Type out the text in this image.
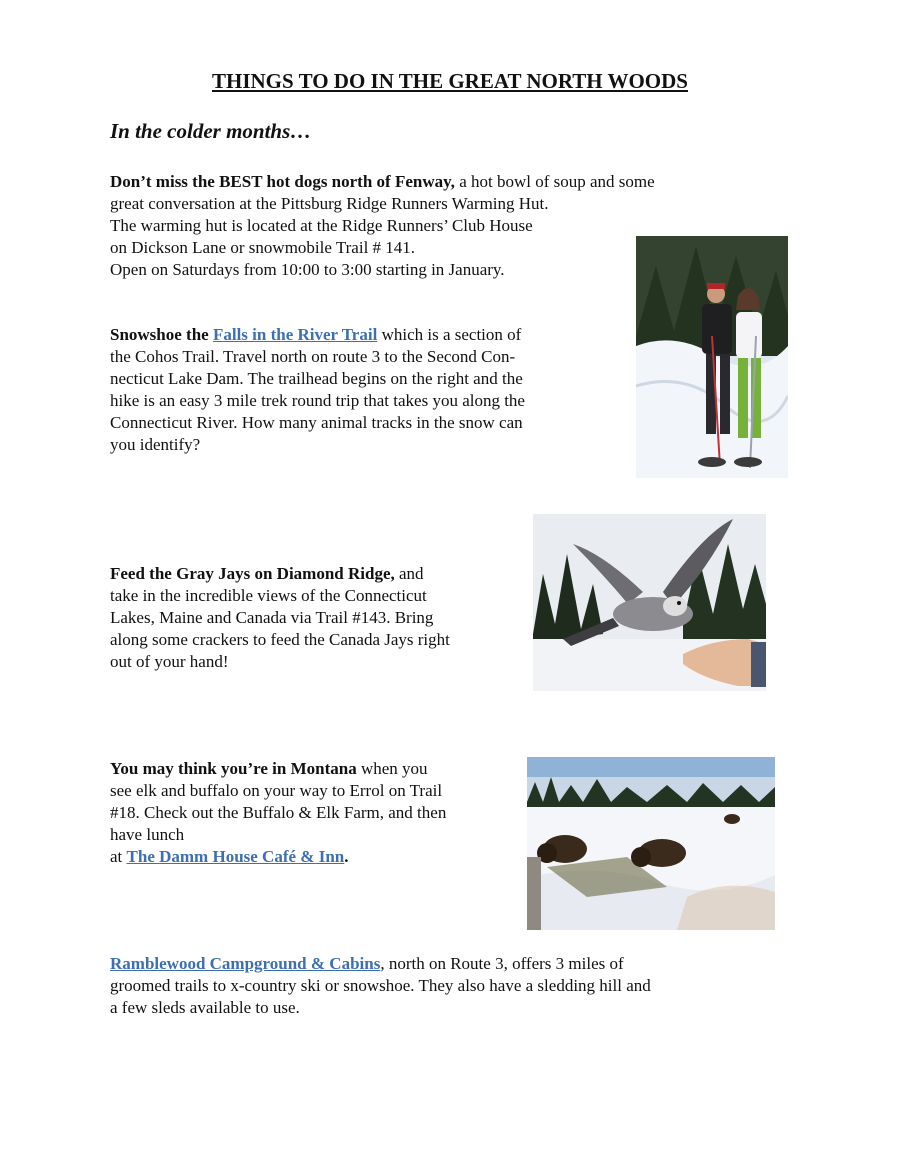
THINGS TO DO IN THE GREAT NORTH WOODS
In the colder months…

Don’t miss the BEST hot dogs north of Fenway, a hot bowl of soup and some
great conversation at the Pittsburg Ridge Runners Warming Hut.
The warming hut is located at the Ridge Runners’ Club House
on Dickson Lane or snowmobile Trail # 141.
Open on Saturdays from 10:00 to 3:00 starting in January.

Snowshoe the Falls in the River Trail which is a section of
the Cohos Trail. Travel north on route 3 to the Second Con-
necticut Lake Dam. The trailhead begins on the right and the
hike is an easy 3 mile trek round trip that takes you along the
Connecticut River. How many animal tracks in the snow can
you identify?

Feed the Gray Jays on Diamond Ridge, and
take in the incredible views of the Connecticut
Lakes, Maine and Canada via Trail #143. Bring
along some crackers to feed the Canada Jays right
out of your hand!

You may think you’re in Montana when you
see elk and buffalo on your way to Errol on Trail
#18. Check out the Buffalo & Elk Farm, and then
have lunch
at The Damm House Café & Inn.

Ramblewood Campground & Cabins, north on Route 3, offers 3 miles of
groomed trails to x-country ski or snowshoe. They also have a sledding hill and
a few sleds available to use.
